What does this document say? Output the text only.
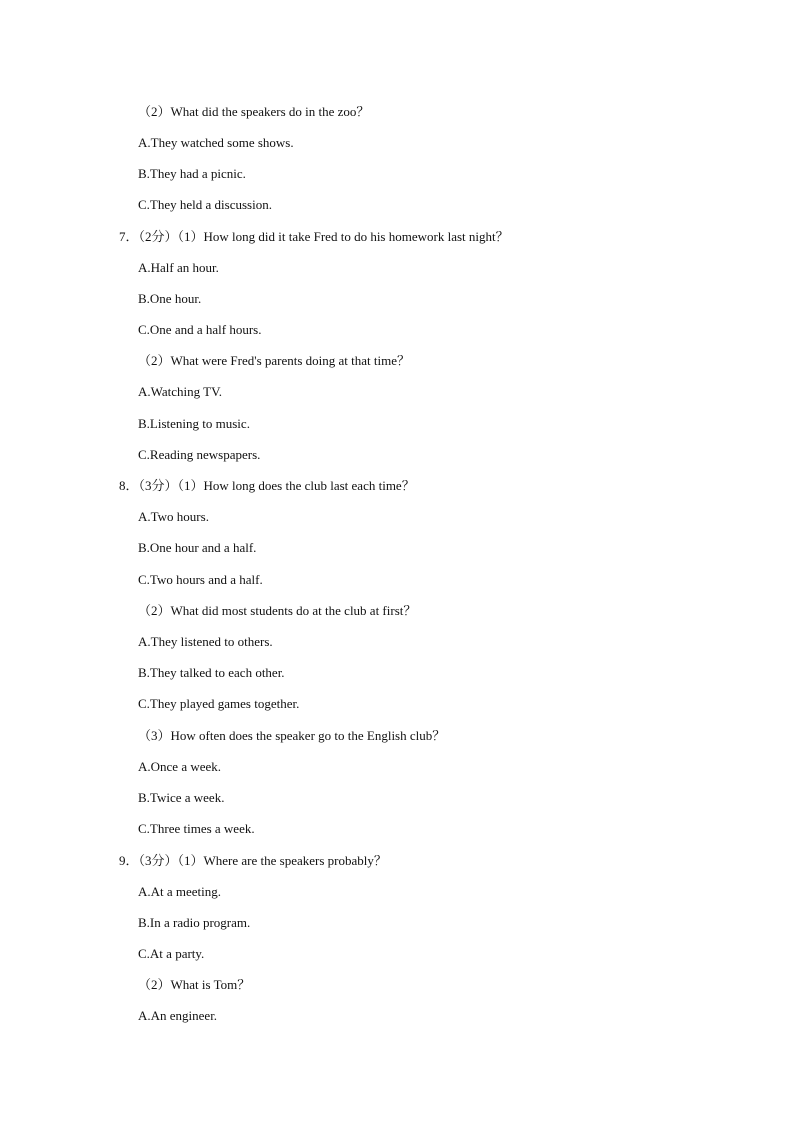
（2）What did the speakers do in the zoo？
A.They watched some shows.
B.They had a picnic.
C.They held a discussion.
7．（2分）（1）How long did it take Fred to do his homework last night？
A.Half an hour.
B.One hour.
C.One and a half hours.
（2）What were Fred's parents doing at that time？
A.Watching TV.
B.Listening to music.
C.Reading newspapers.
8．（3分）（1）How long does the club last each time？
A.Two hours.
B.One hour and a half.
C.Two hours and a half.
（2）What did most students do at the club at first？
A.They listened to others.
B.They talked to each other.
C.They played games together.
（3）How often does the speaker go to the English club？
A.Once a week.
B.Twice a week.
C.Three times a week.
9．（3分）（1）Where are the speakers probably？
A.At a meeting.
B.In a radio program.
C.At a party.
（2）What is Tom？
A.An engineer.
